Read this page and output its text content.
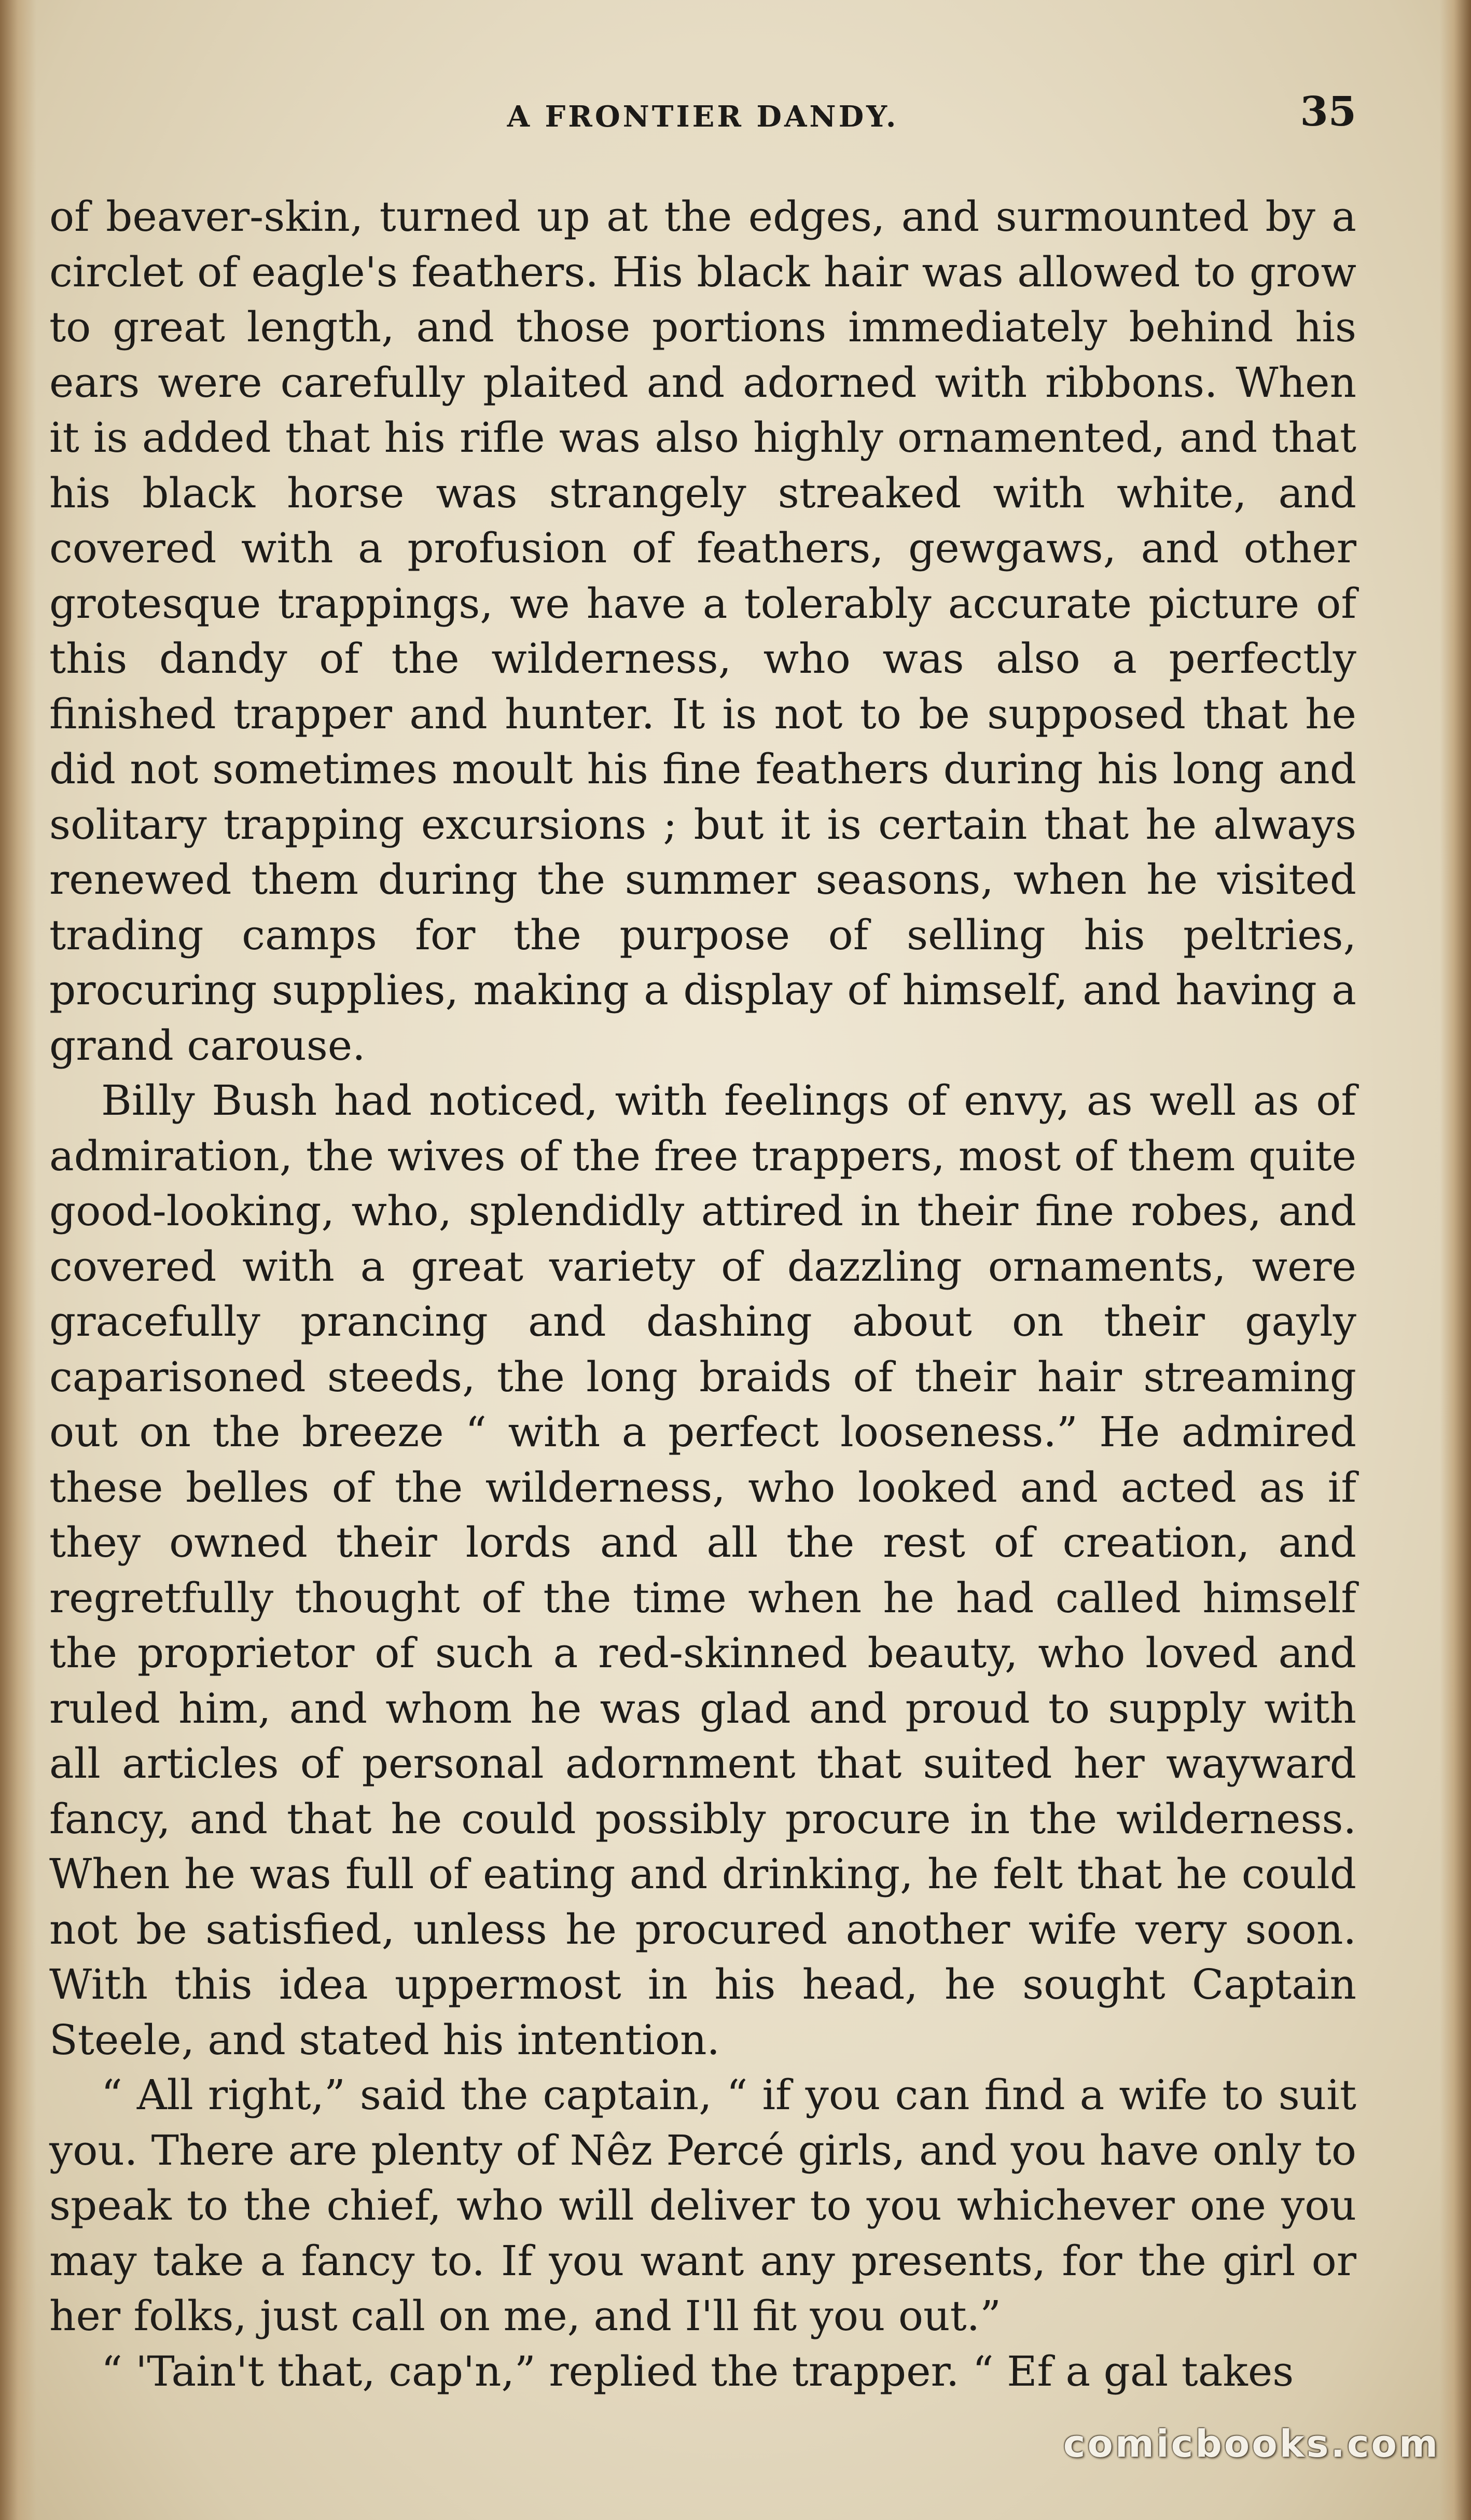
A FRONTIER DANDY.	35

of beaver-skin, turned up at the edges, and surmounted by a circlet of eagle's feathers. His black hair was allowed to grow to great length, and those portions immediately behind his ears were carefully plaited and adorned with ribbons. When it is added that his rifle was also highly ornamented, and that his black horse was strangely streaked with white, and covered with a profusion of feathers, gewgaws, and other grotesque trappings, we have a tolerably accurate picture of this dandy of the wilderness, who was also a perfectly finished trapper and hunter. It is not to be supposed that he did not sometimes moult his fine feathers during his long and solitary trapping excursions ; but it is certain that he always renewed them during the summer seasons, when he visited trading camps for the purpose of selling his peltries, procuring supplies, making a display of himself, and having a grand carouse.

Billy Bush had noticed, with feelings of envy, as well as of admiration, the wives of the free trappers, most of them quite good-looking, who, splendidly attired in their fine robes, and covered with a great variety of dazzling ornaments, were gracefully prancing and dashing about on their gayly caparisoned steeds, the long braids of their hair streaming out on the breeze “ with a perfect looseness.” He admired these belles of the wilderness, who looked and acted as if they owned their lords and all the rest of creation, and regretfully thought of the time when he had called himself the proprietor of such a red-skinned beauty, who loved and ruled him, and whom he was glad and proud to supply with all articles of personal adornment that suited her wayward fancy, and that he could possibly procure in the wilderness. When he was full of eating and drinking, he felt that he could not be satisfied, unless he procured another wife very soon. With this idea uppermost in his head, he sought Captain Steele, and stated his intention.

“ All right,” said the captain, “ if you can find a wife to suit you. There are plenty of Nêz Percé girls, and you have only to speak to the chief, who will deliver to you whichever one you may take a fancy to. If you want any presents, for the girl or her folks, just call on me, and I'll fit you out.”

“ 'Tain't that, cap'n,” replied the trapper. “ Ef a gal takes

comicbooks.com
